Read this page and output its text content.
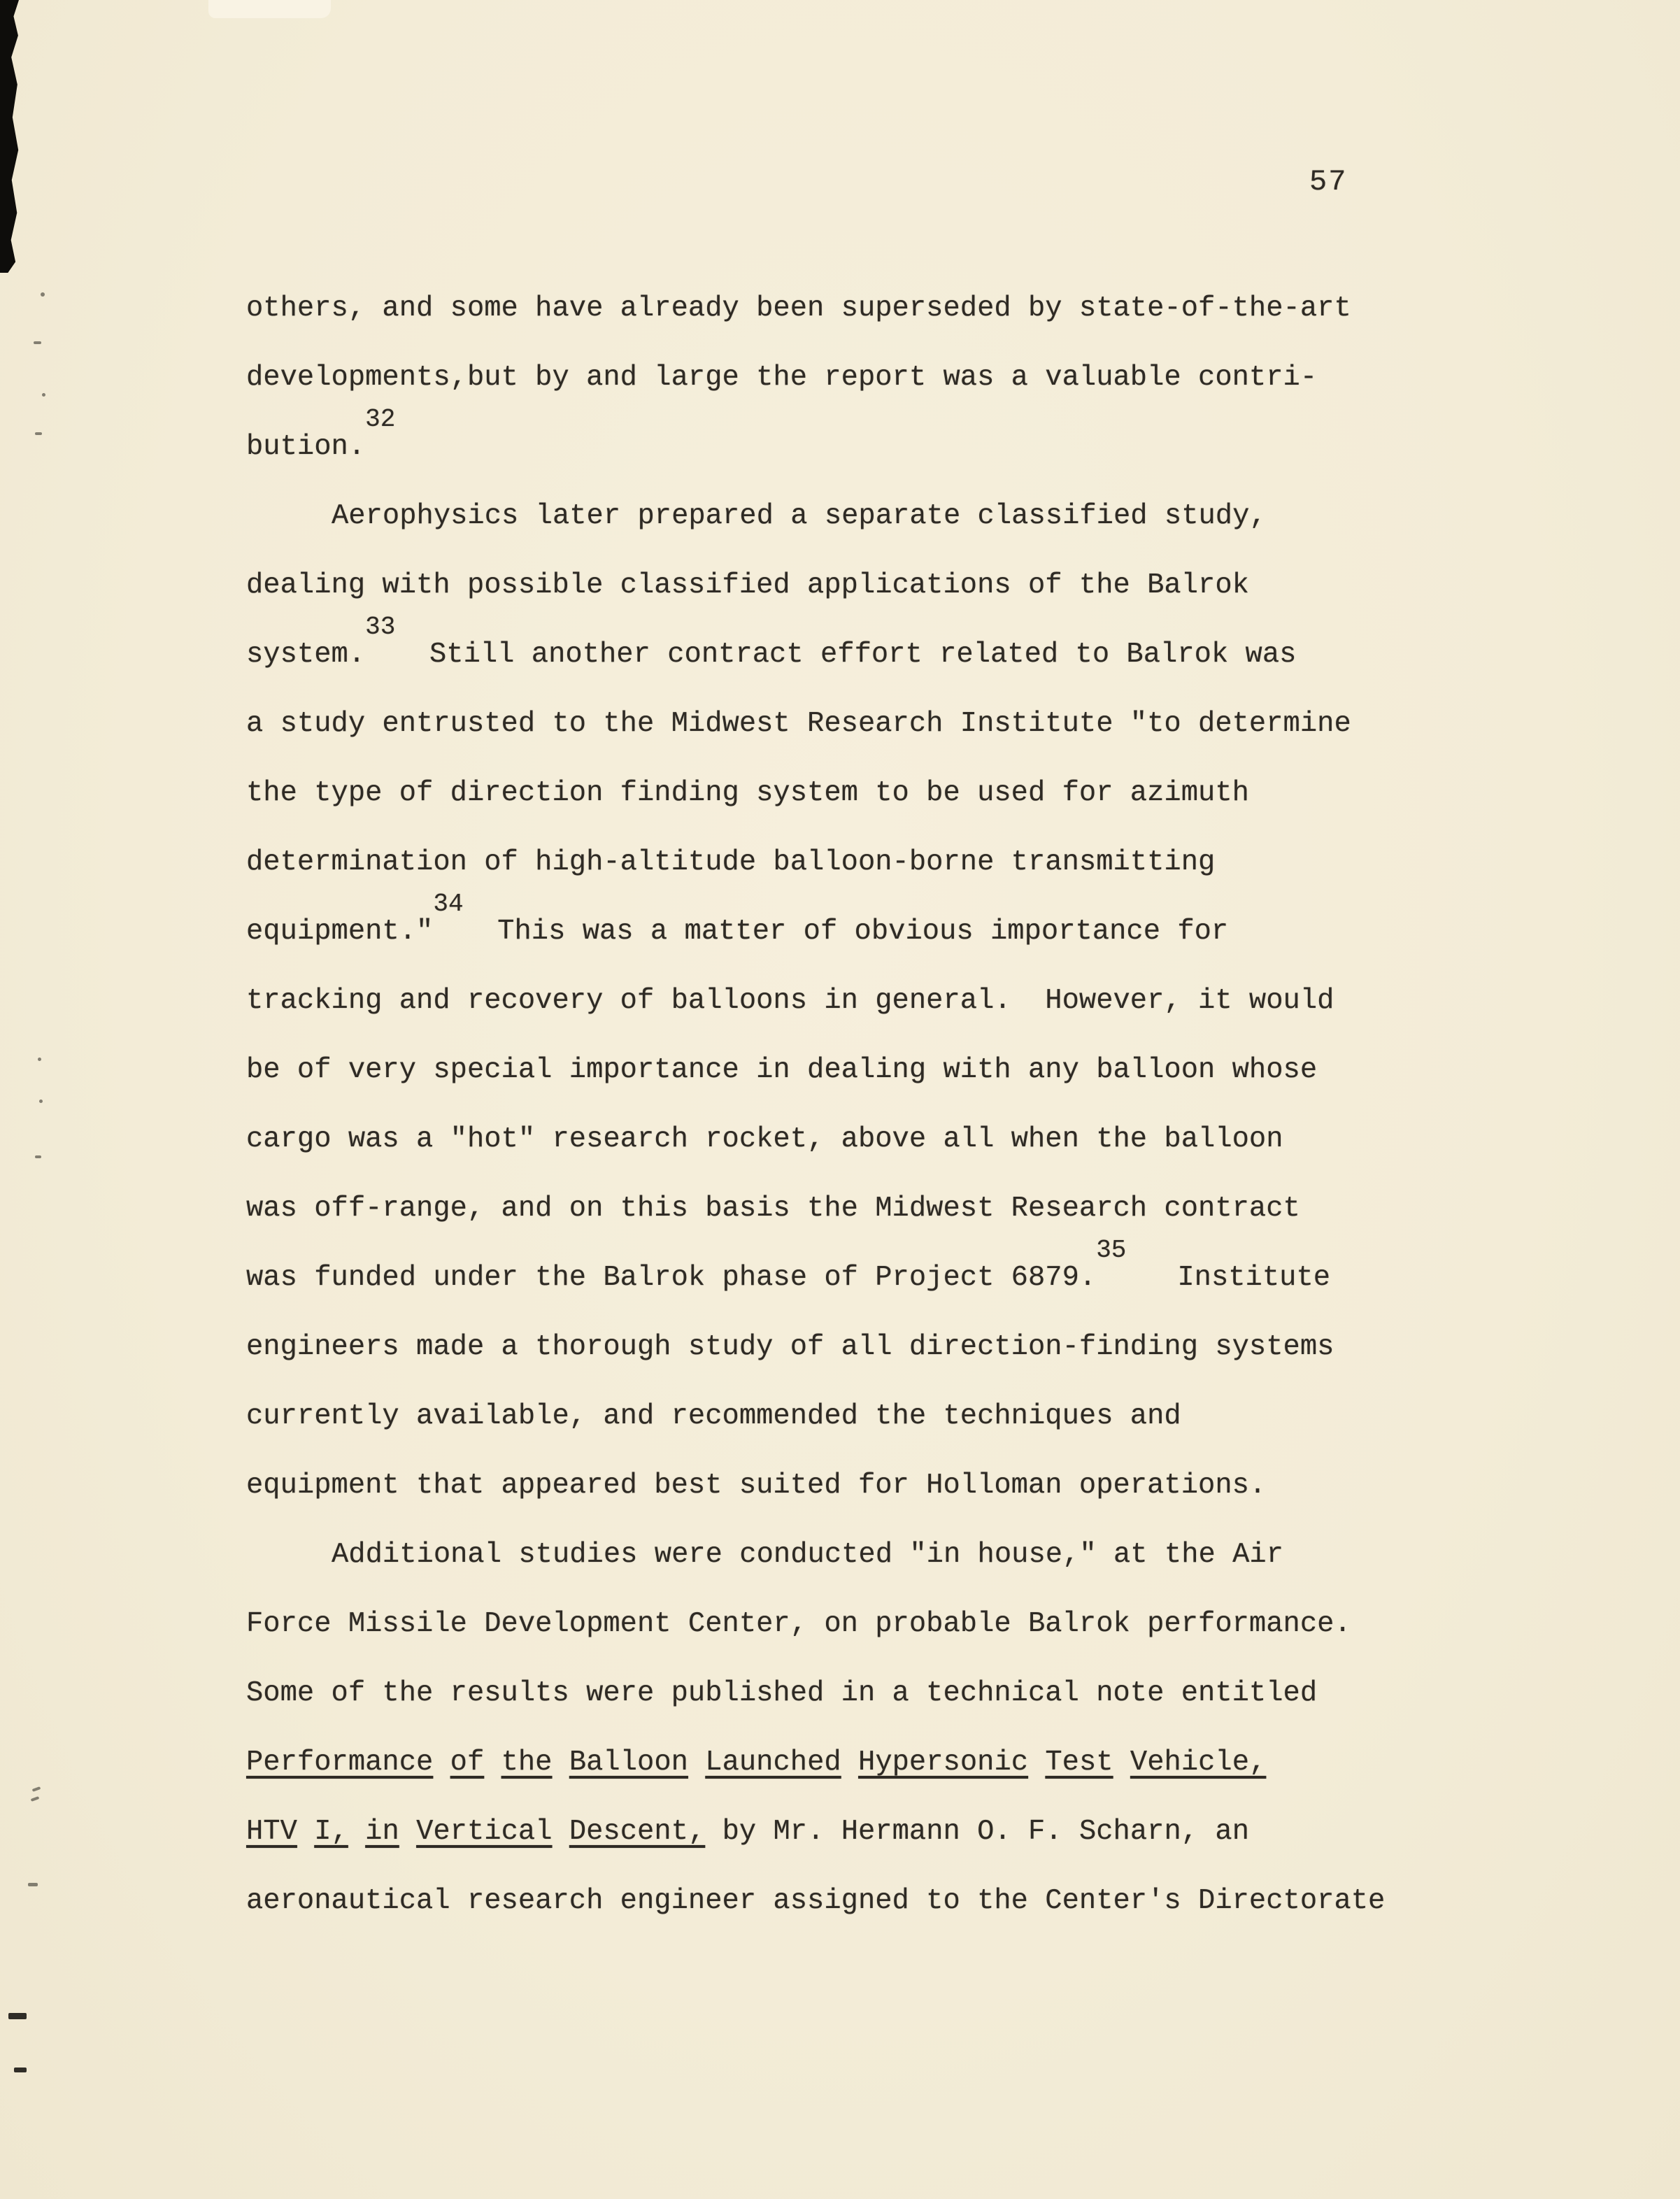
57
others, and some have already been superseded by state-of-the-art
developments,but by and large the report was a valuable contri-
bution.32
Aerophysics later prepared a separate classified study,
dealing with possible classified applications of the Balrok
system.33  Still another contract effort related to Balrok was
a study entrusted to the Midwest Research Institute "to determine
the type of direction finding system to be used for azimuth
determination of high-altitude balloon-borne transmitting
equipment."34  This was a matter of obvious importance for
tracking and recovery of balloons in general.  However, it would
be of very special importance in dealing with any balloon whose
cargo was a "hot" research rocket, above all when the balloon
was off-range, and on this basis the Midwest Research contract
was funded under the Balrok phase of Project 6879.35   Institute
engineers made a thorough study of all direction-finding systems
currently available, and recommended the techniques and
equipment that appeared best suited for Holloman operations.
Additional studies were conducted "in house," at the Air
Force Missile Development Center, on probable Balrok performance.
Some of the results were published in a technical note entitled
Performance of the Balloon Launched Hypersonic Test Vehicle,
HTV I, in Vertical Descent, by Mr. Hermann O. F. Scharn, an
aeronautical research engineer assigned to the Center's Directorate
